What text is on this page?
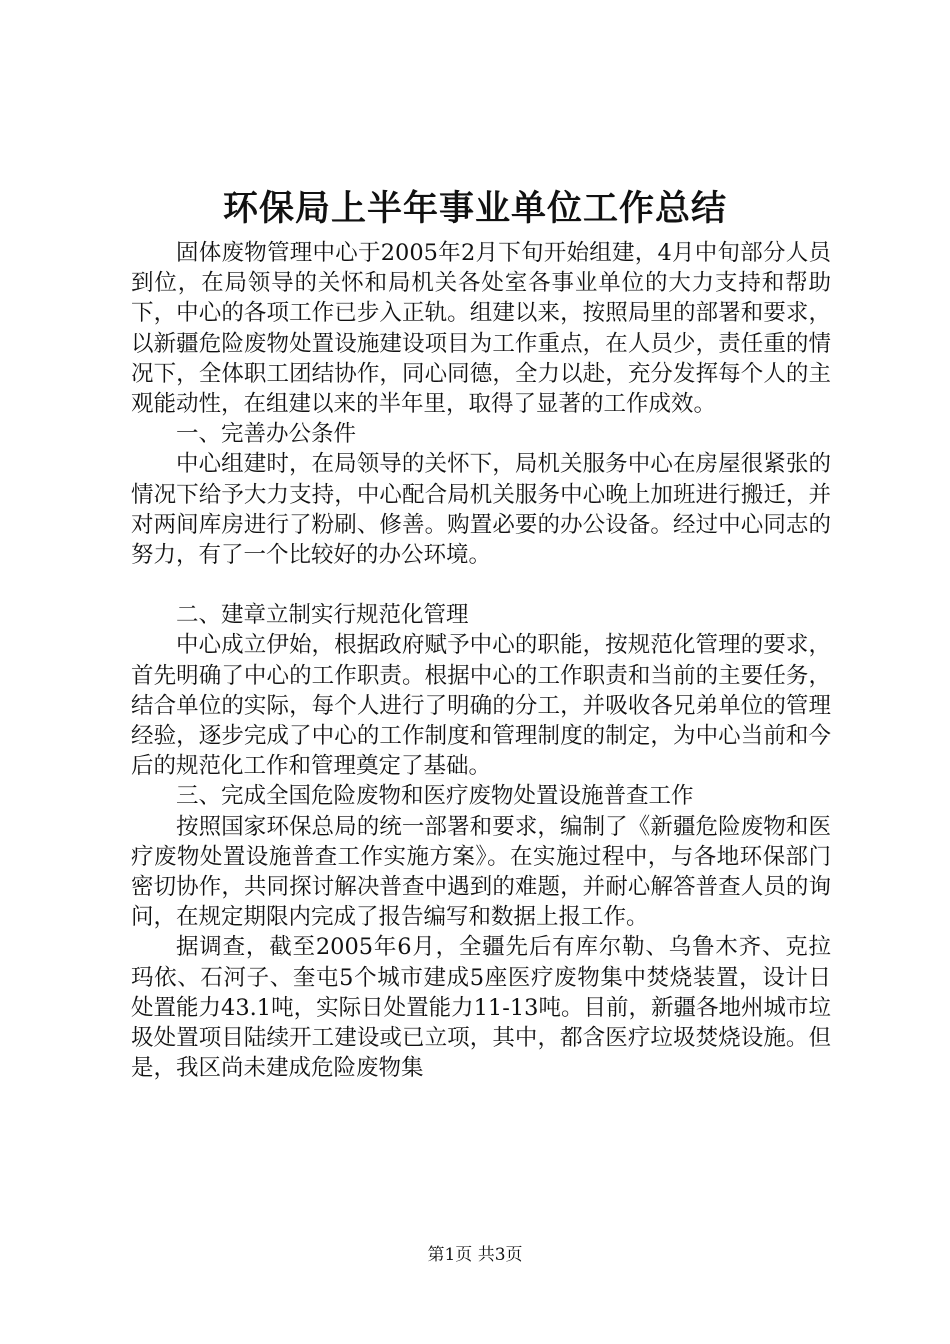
环保局上半年事业单位工作总结

固体废物管理中心于2005年2月下旬开始组建，4月中旬部分人员到位，在局领导的关怀和局机关各处室各事业单位的大力支持和帮助下，中心的各项工作已步入正轨。组建以来，按照局里的部署和要求，以新疆危险废物处置设施建设项目为工作重点，在人员少，责任重的情况下，全体职工团结协作，同心同德，全力以赴，充分发挥每个人的主观能动性，在组建以来的半年里，取得了显著的工作成效。

一、完善办公条件

中心组建时，在局领导的关怀下，局机关服务中心在房屋很紧张的情况下给予大力支持，中心配合局机关服务中心晚上加班进行搬迁，并对两间库房进行了粉刷、修善。购置必要的办公设备。经过中心同志的努力，有了一个比较好的办公环境。

二、建章立制实行规范化管理

中心成立伊始，根据政府赋予中心的职能，按规范化管理的要求，首先明确了中心的工作职责。根据中心的工作职责和当前的主要任务，结合单位的实际，每个人进行了明确的分工，并吸收各兄弟单位的管理经验，逐步完成了中心的工作制度和管理制度的制定，为中心当前和今后的规范化工作和管理奠定了基础。

三、完成全国危险废物和医疗废物处置设施普查工作

按照国家环保总局的统一部署和要求，编制了《新疆危险废物和医疗废物处置设施普查工作实施方案》。在实施过程中，与各地环保部门密切协作，共同探讨解决普查中遇到的难题，并耐心解答普查人员的询问，在规定期限内完成了报告编写和数据上报工作。

据调查，截至2005年6月，全疆先后有库尔勒、乌鲁木齐、克拉玛依、石河子、奎屯5个城市建成5座医疗废物集中焚烧装置，设计日处置能力43.1吨，实际日处置能力11-13吨。目前，新疆各地州城市垃圾处置项目陆续开工建设或已立项，其中，都含医疗垃圾焚烧设施。但是，我区尚未建成危险废物集

第1页 共3页
